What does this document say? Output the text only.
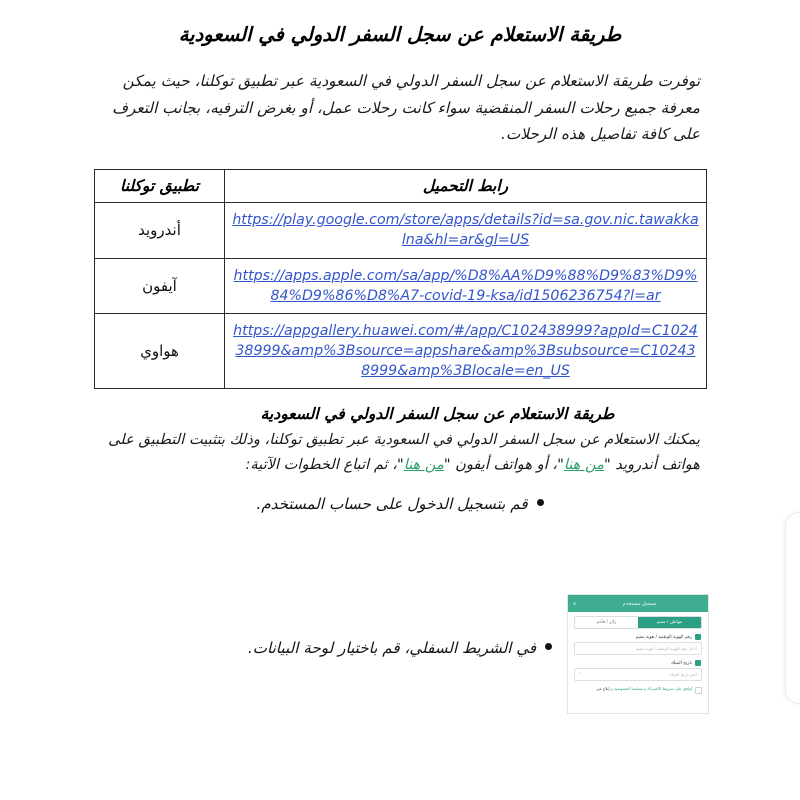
طريقة الاستعلام عن سجل السفر الدولي في السعودية

توفرت طريقة الاستعلام عن سجل السفر الدولي في السعودية عبر تطبيق توكلنا، حيث يمكن معرفة جميع رحلات السفر المنقضية سواء كانت رحلات عمل، أو بغرض الترفيه، بجانب التعرف على كافة تفاصيل هذه الرحلات.

رابط التحميل	تطبيق توكلنا
https://play.google.com/store/apps/details?id=sa.gov.nic.tawakkalna&hl=ar&gl=US	أندرويد
https://apps.apple.com/sa/app/%D8%AA%D9%88%D9%83%D9%84%D9%86%D8%A7-covid-19-ksa/id1506236754?l=ar	آيفون
https://appgallery.huawei.com/#/app/C102438999?appId=C102438999&amp%3Bsource=appshare&amp%3Bsubsource=C102438999&amp%3Blocale=en_US	هواوي
طريقة الاستعلام عن سجل السفر الدولي في السعودية

يمكنك الاستعلام عن سجل السفر الدولي في السعودية عبر تطبيق توكلنا، وذلك بتثبيت التطبيق على هواتف أندرويد "من هنا"، أو هواتف أيفون "من هنا"، ثم اتباع الخطوات الآتية:

قم بتسجيل الدخول على حساب المستخدم.
تسجيل مستخدم
›
مواطن / مقيم
زائر / قادم
رقم الهوية الوطنية / هوية مقيم
أدخل رقم الهوية الوطنية / هوية مقيم
تاريخ الميلاد
اختر تاريخ الميلاد
˅
أوافق على شروط الاشتراك و سياسة الخصوصية و إبلاغ غير
في الشريط السفلي، قم باختيار لوحة البيانات.
